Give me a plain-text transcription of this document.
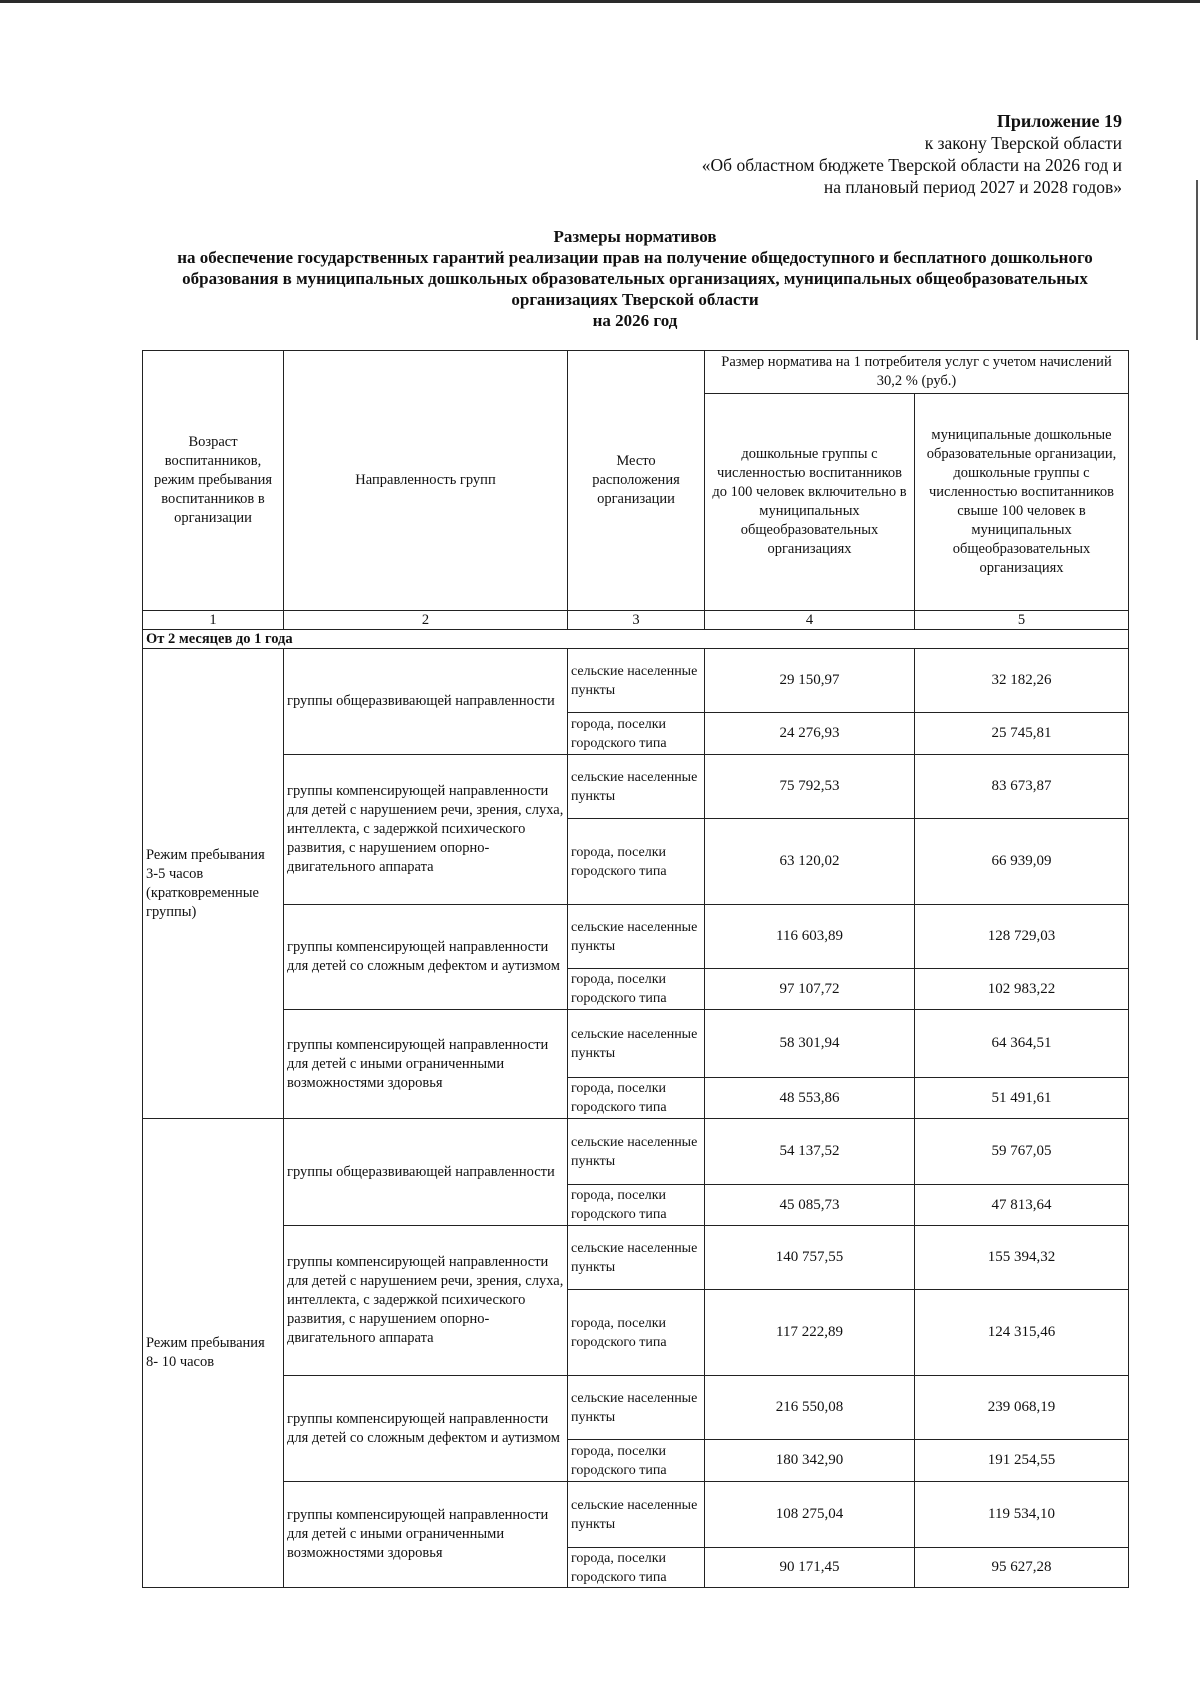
Приложение 19
к закону Тверской области
«Об областном бюджете Тверской области на 2026 год и
на плановый период 2027 и 2028 годов»
Размеры нормативов
на обеспечение государственных гарантий реализации прав на получение общедоступного и бесплатного дошкольного
образования в муниципальных дошкольных образовательных организациях, муниципальных общеобразовательных
организациях Тверской области
на 2026 год
Возраст воспитанников, режим пребывания воспитанников в организации	Направленность групп	Место расположения организации	Размер норматива на 1 потребителя услуг с учетом начислений 30,2 % (руб.)	
			дошкольные группы с численностью воспитанников до 100 человек включительно в муниципальных общеобразовательных организациях	муниципальные дошкольные образовательные организации, дошкольные группы с численностью воспитанников свыше 100 человек в муниципальных общеобразовательных организациях
1	2	3	4	5
От 2 месяцев до 1 года				
Режим пребывания 3-5 часов (кратковременные группы)	группы общеразвивающей направленности	сельские населенные пункты	29 150,97	32 182,26
		города, поселки городского типа	24 276,93	25 745,81
	группы компенсирующей направленности для детей с нарушением речи, зрения, слуха, интеллекта, с задержкой психического развития, с нарушением опорно-двигательного аппарата	сельские населенные пункты	75 792,53	83 673,87
		города, поселки городского типа	63 120,02	66 939,09
	группы компенсирующей направленности для детей со сложным дефектом и аутизмом	сельские населенные пункты	116 603,89	128 729,03
		города, поселки городского типа	97 107,72	102 983,22
	группы компенсирующей направленности для детей с иными ограниченными возможностями здоровья	сельские населенные пункты	58 301,94	64 364,51
		города, поселки городского типа	48 553,86	51 491,61
Режим пребывания 8- 10 часов	группы общеразвивающей направленности	сельские населенные пункты	54 137,52	59 767,05
		города, поселки городского типа	45 085,73	47 813,64
	группы компенсирующей направленности для детей с нарушением речи, зрения, слуха, интеллекта, с задержкой психического развития, с нарушением опорно-двигательного аппарата	сельские населенные пункты	140 757,55	155 394,32
		города, поселки городского типа	117 222,89	124 315,46
	группы компенсирующей направленности для детей со сложным дефектом и аутизмом	сельские населенные пункты	216 550,08	239 068,19
		города, поселки городского типа	180 342,90	191 254,55
	группы компенсирующей направленности для детей с иными ограниченными возможностями здоровья	сельские населенные пункты	108 275,04	119 534,10
		города, поселки городского типа	90 171,45	95 627,28
